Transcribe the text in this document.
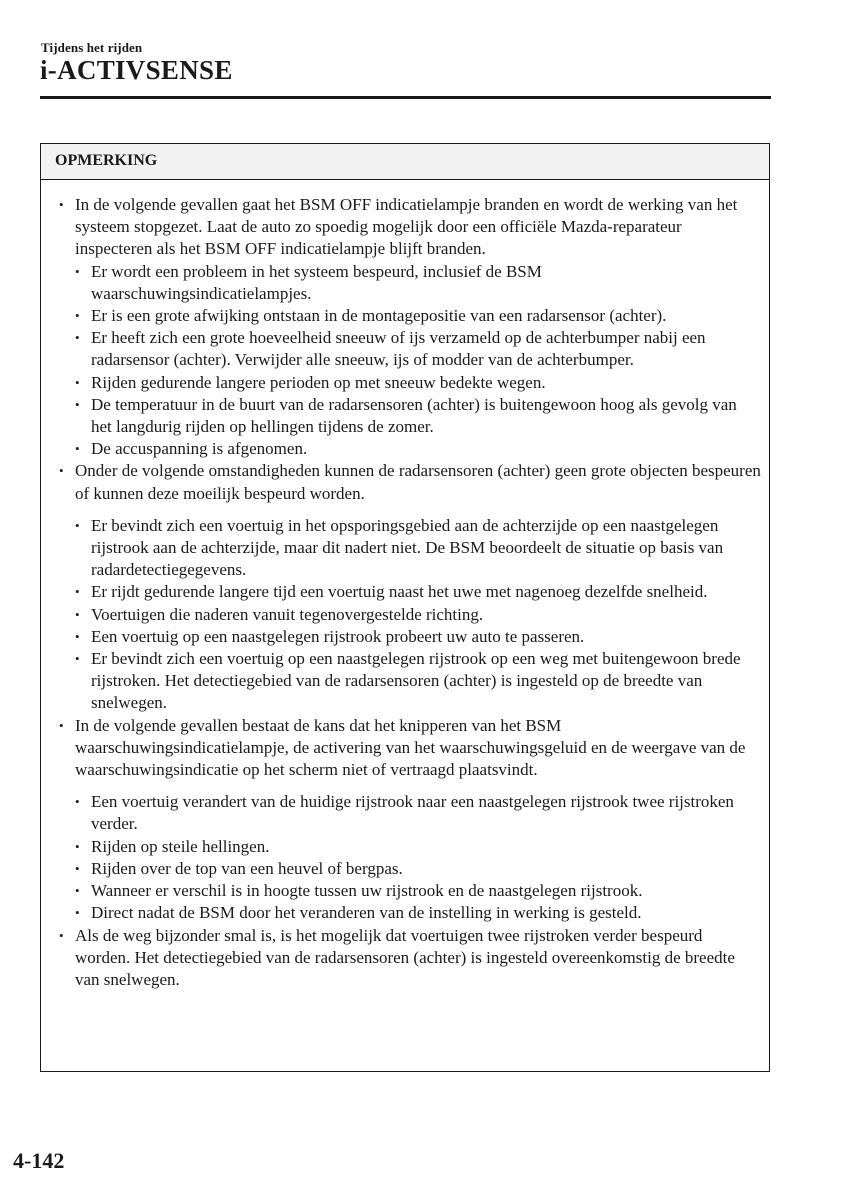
Tijdens het rijden
i-ACTIVSENSE
OPMERKING
• In de volgende gevallen gaat het BSM OFF indicatielampje branden en wordt de werking van het systeem stopgezet. Laat de auto zo spoedig mogelijk door een officiële Mazda-reparateur inspecteren als het BSM OFF indicatielampje blijft branden.
• Er wordt een probleem in het systeem bespeurd, inclusief de BSM waarschuwingsindicatielampjes.
• Er is een grote afwijking ontstaan in de montagepositie van een radarsensor (achter).
• Er heeft zich een grote hoeveelheid sneeuw of ijs verzameld op de achterbumper nabij een radarsensor (achter). Verwijder alle sneeuw, ijs of modder van de achterbumper.
• Rijden gedurende langere perioden op met sneeuw bedekte wegen.
• De temperatuur in de buurt van de radarsensoren (achter) is buitengewoon hoog als gevolg van het langdurig rijden op hellingen tijdens de zomer.
• De accuspanning is afgenomen.
• Onder de volgende omstandigheden kunnen de radarsensoren (achter) geen grote objecten bespeuren of kunnen deze moeilijk bespeurd worden.
• Er bevindt zich een voertuig in het opsporingsgebied aan de achterzijde op een naastgelegen rijstrook aan de achterzijde, maar dit nadert niet. De BSM beoordeelt de situatie op basis van radardetectiegegevens.
• Er rijdt gedurende langere tijd een voertuig naast het uwe met nagenoeg dezelfde snelheid.
• Voertuigen die naderen vanuit tegenovergestelde richting.
• Een voertuig op een naastgelegen rijstrook probeert uw auto te passeren.
• Er bevindt zich een voertuig op een naastgelegen rijstrook op een weg met buitengewoon brede rijstroken. Het detectiegebied van de radarsensoren (achter) is ingesteld op de breedte van snelwegen.
• In de volgende gevallen bestaat de kans dat het knipperen van het BSM waarschuwingsindicatielampje, de activering van het waarschuwingsgeluid en de weergave van de waarschuwingsindicatie op het scherm niet of vertraagd plaatsvindt.
• Een voertuig verandert van de huidige rijstrook naar een naastgelegen rijstrook twee rijstroken verder.
• Rijden op steile hellingen.
• Rijden over de top van een heuvel of bergpas.
• Wanneer er verschil is in hoogte tussen uw rijstrook en de naastgelegen rijstrook.
• Direct nadat de BSM door het veranderen van de instelling in werking is gesteld.
• Als de weg bijzonder smal is, is het mogelijk dat voertuigen twee rijstroken verder bespeurd worden. Het detectiegebied van de radarsensoren (achter) is ingesteld overeenkomstig de breedte van snelwegen.
4-142
